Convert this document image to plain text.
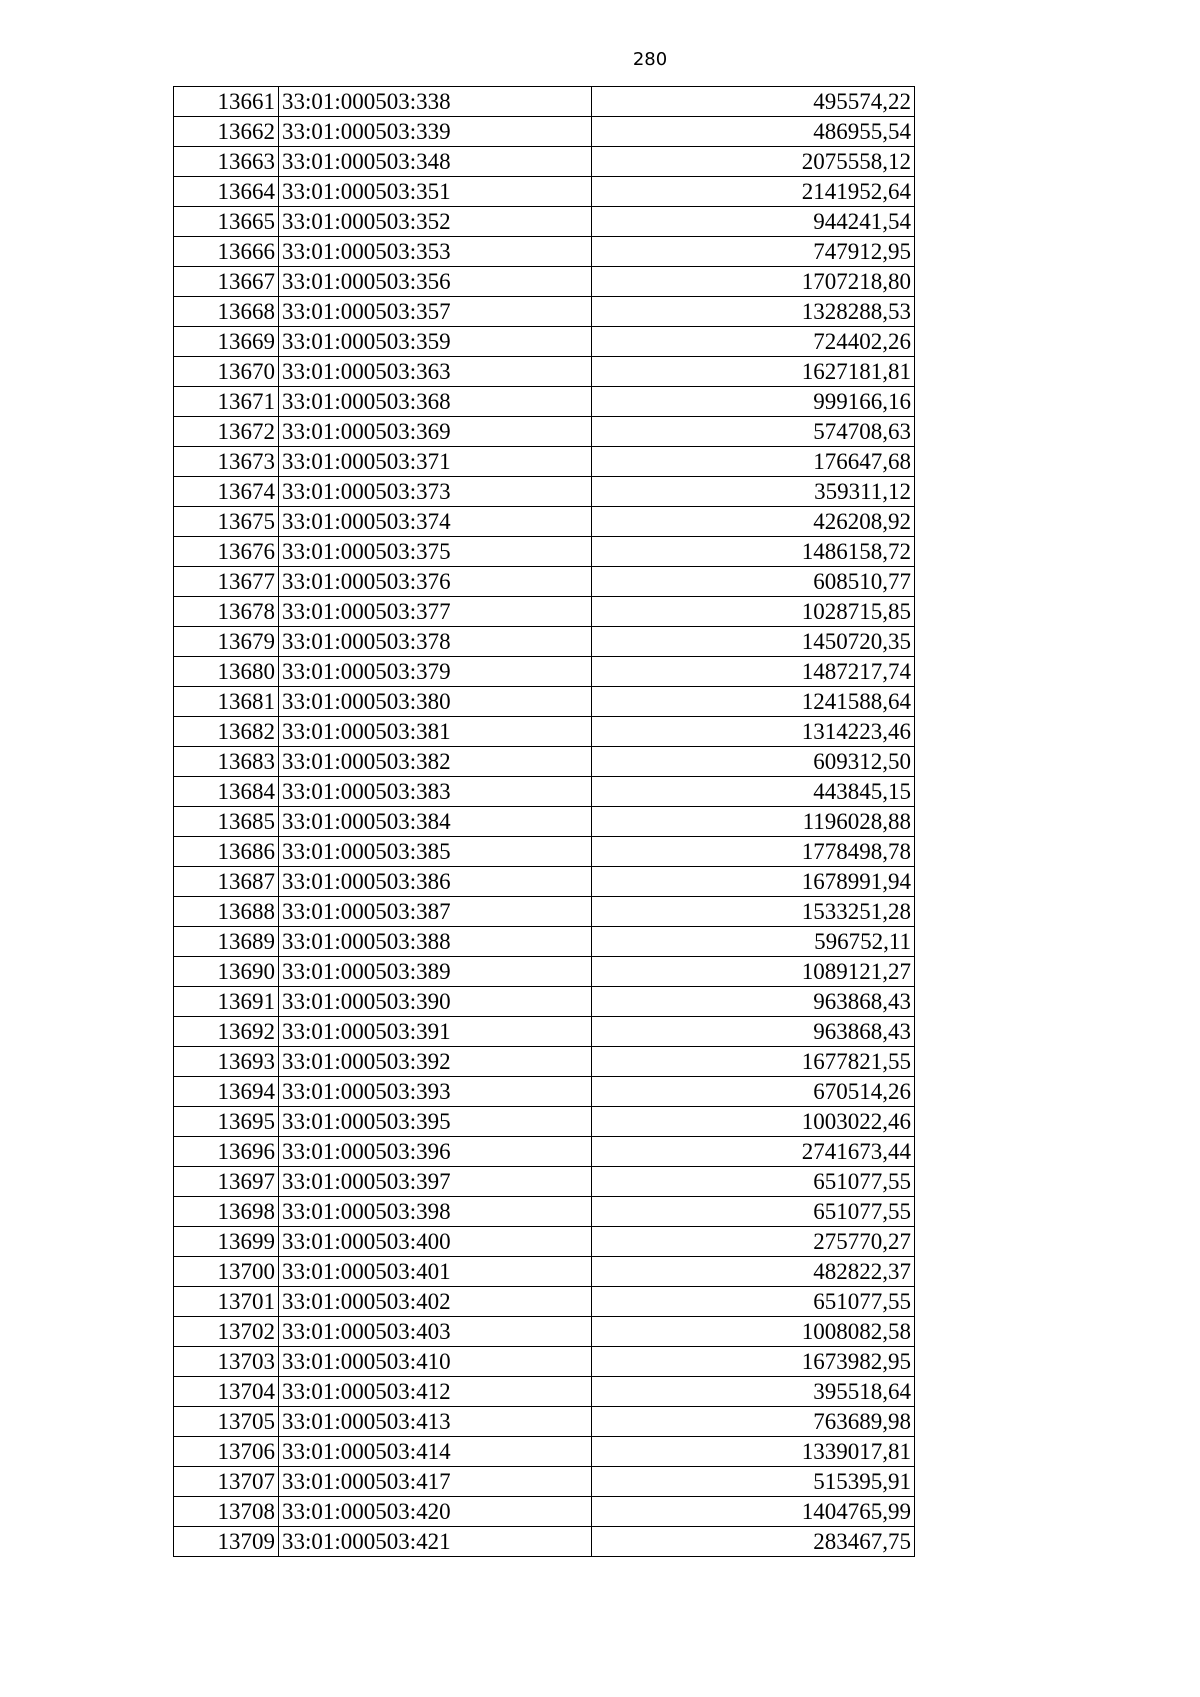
280
13661	33:01:000503:338	495574,22
13662	33:01:000503:339	486955,54
13663	33:01:000503:348	2075558,12
13664	33:01:000503:351	2141952,64
13665	33:01:000503:352	944241,54
13666	33:01:000503:353	747912,95
13667	33:01:000503:356	1707218,80
13668	33:01:000503:357	1328288,53
13669	33:01:000503:359	724402,26
13670	33:01:000503:363	1627181,81
13671	33:01:000503:368	999166,16
13672	33:01:000503:369	574708,63
13673	33:01:000503:371	176647,68
13674	33:01:000503:373	359311,12
13675	33:01:000503:374	426208,92
13676	33:01:000503:375	1486158,72
13677	33:01:000503:376	608510,77
13678	33:01:000503:377	1028715,85
13679	33:01:000503:378	1450720,35
13680	33:01:000503:379	1487217,74
13681	33:01:000503:380	1241588,64
13682	33:01:000503:381	1314223,46
13683	33:01:000503:382	609312,50
13684	33:01:000503:383	443845,15
13685	33:01:000503:384	1196028,88
13686	33:01:000503:385	1778498,78
13687	33:01:000503:386	1678991,94
13688	33:01:000503:387	1533251,28
13689	33:01:000503:388	596752,11
13690	33:01:000503:389	1089121,27
13691	33:01:000503:390	963868,43
13692	33:01:000503:391	963868,43
13693	33:01:000503:392	1677821,55
13694	33:01:000503:393	670514,26
13695	33:01:000503:395	1003022,46
13696	33:01:000503:396	2741673,44
13697	33:01:000503:397	651077,55
13698	33:01:000503:398	651077,55
13699	33:01:000503:400	275770,27
13700	33:01:000503:401	482822,37
13701	33:01:000503:402	651077,55
13702	33:01:000503:403	1008082,58
13703	33:01:000503:410	1673982,95
13704	33:01:000503:412	395518,64
13705	33:01:000503:413	763689,98
13706	33:01:000503:414	1339017,81
13707	33:01:000503:417	515395,91
13708	33:01:000503:420	1404765,99
13709	33:01:000503:421	283467,75
